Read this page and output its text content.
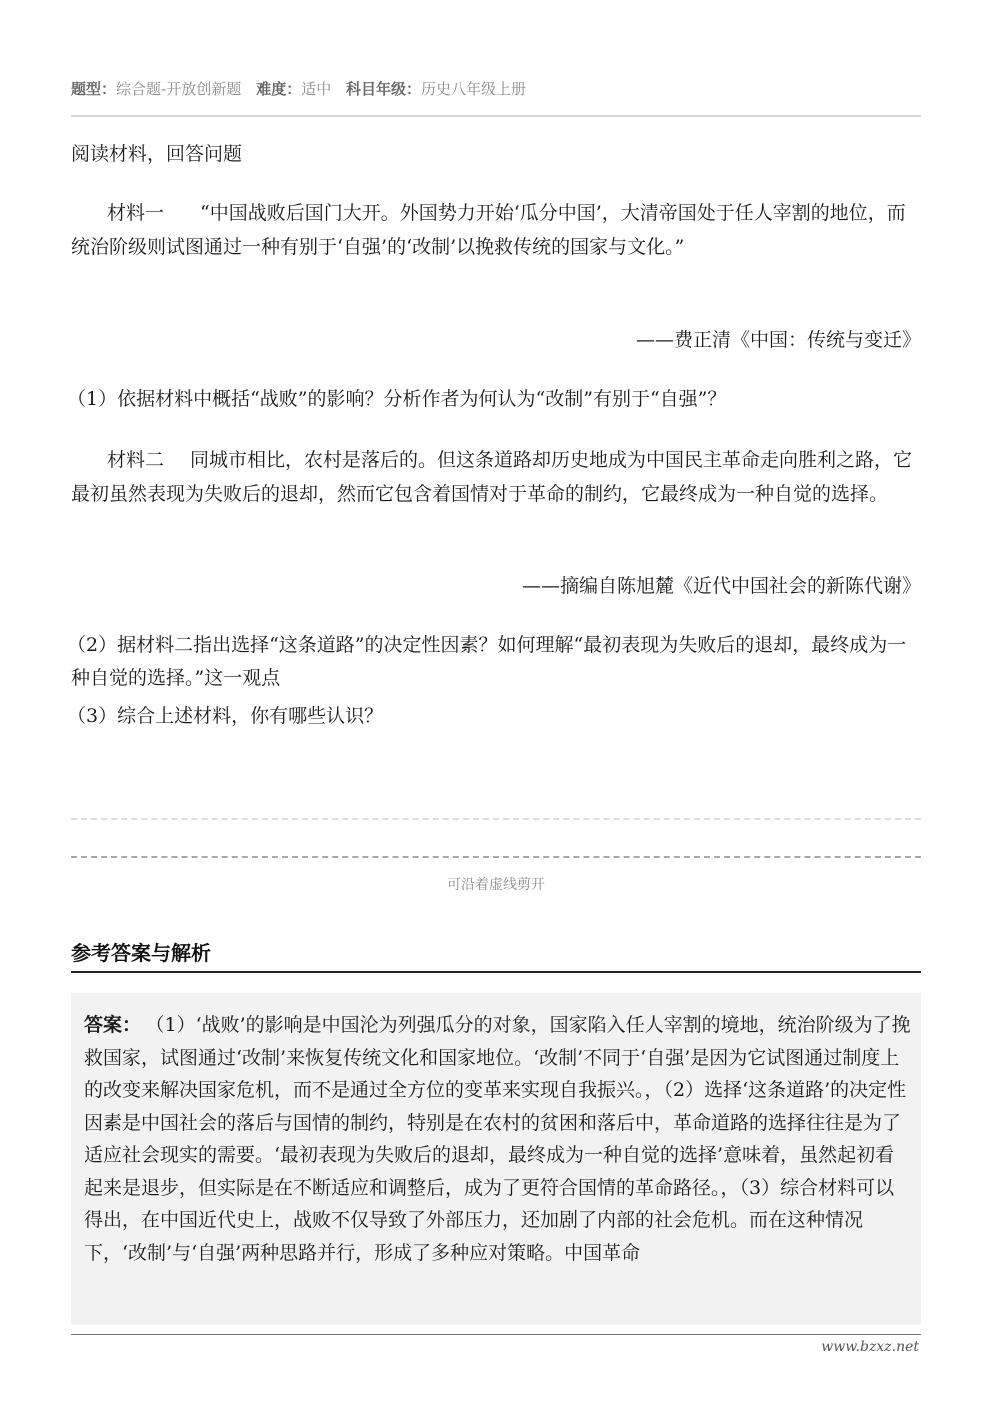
题型：综合题-开放创新题 难度：适中 科目年级：历史八年级上册
阅读材料，回答问题
材料一 “中国战败后国门大开。外国势力开始‘瓜分中国’，大清帝国处于任人宰割的地位，而统治阶级则试图通过一种有别于‘自强’的‘改制’以挽救传统的国家与文化。”
——费正清《中国：传统与变迁》
（1）依据材料中概括“战败”的影响？分析作者为何认为“改制”有别于“自强”？
材料二 同城市相比，农村是落后的。但这条道路却历史地成为中国民主革命走向胜利之路，它最初虽然表现为失败后的退却，然而它包含着国情对于革命的制约，它最终成为一种自觉的选择。
——摘编自陈旭麓《近代中国社会的新陈代谢》
（2）据材料二指出选择“这条道路”的决定性因素？如何理解“最初表现为失败后的退却，最终成为一种自觉的选择。”这一观点
（3）综合上述材料，你有哪些认识？
可沿着虚线剪开
参考答案与解析
答案： （1）‘战败’的影响是中国沦为列强瓜分的对象，国家陷入任人宰割的境地，统治阶级为了挽救国家，试图通过‘改制’来恢复传统文化和国家地位。‘改制’不同于‘自强’是因为它试图通过制度上的改变来解决国家危机，而不是通过全方位的变革来实现自我振兴。，（2）选择‘这条道路’的决定性因素是中国社会的落后与国情的制约，特别是在农村的贫困和落后中，革命道路的选择往往是为了适应社会现实的需要。‘最初表现为失败后的退却，最终成为一种自觉的选择’意味着，虽然起初看起来是退步，但实际是在不断适应和调整后，成为了更符合国情的革命路径。，（3）综合材料可以得出，在中国近代史上，战败不仅导致了外部压力，还加剧了内部的社会危机。而在这种情况下，‘改制’与‘自强’两种思路并行，形成了多种应对策略。中国革命
www.bzxz.net
